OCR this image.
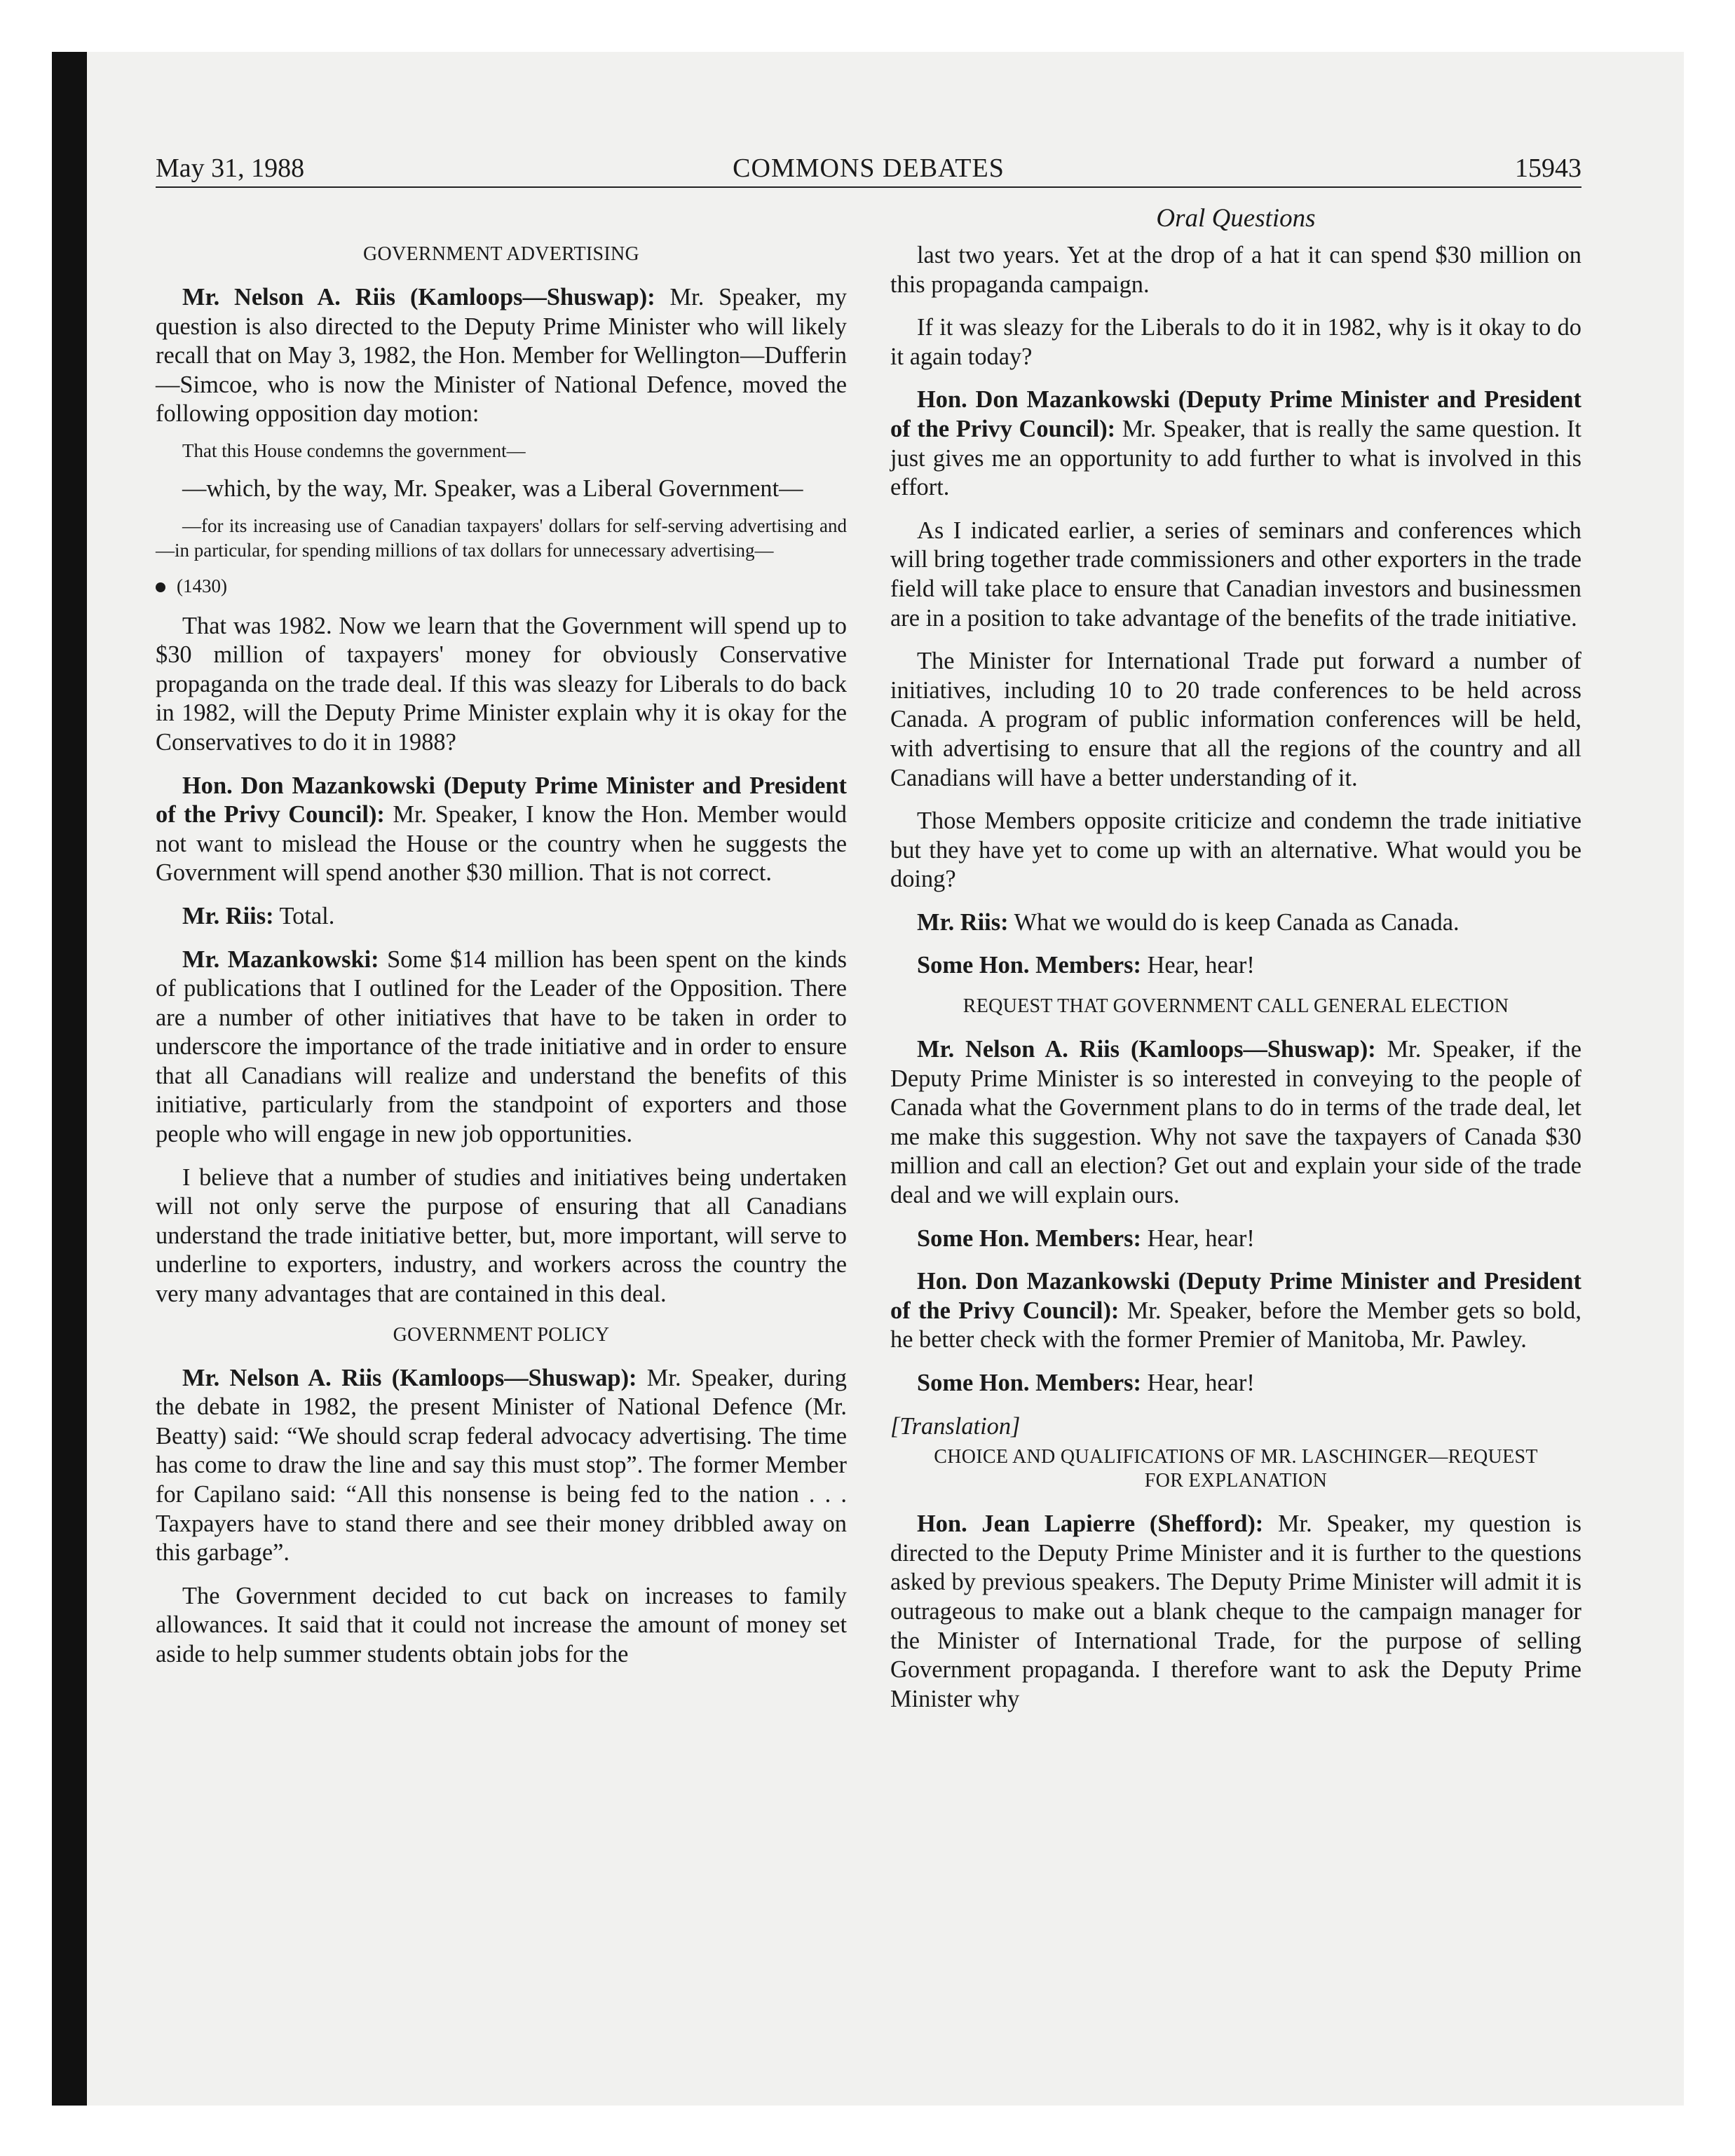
May 31, 1988	COMMONS DEBATES	15943
Oral Questions
GOVERNMENT ADVERTISING

Mr. Nelson A. Riis (Kamloops—Shuswap): Mr. Speaker, my question is also directed to the Deputy Prime Minister who will likely recall that on May 3, 1982, the Hon. Member for Wellington—Dufferin—Simcoe, who is now the Minister of National Defence, moved the following opposition day motion:

That this House condemns the government—

—which, by the way, Mr. Speaker, was a Liberal Government—

—for its increasing use of Canadian taxpayers' dollars for self-serving advertising and—in particular, for spending millions of tax dollars for unnecessary advertising—
(1430)

That was 1982. Now we learn that the Government will spend up to $30 million of taxpayers' money for obviously Conservative propaganda on the trade deal. If this was sleazy for Liberals to do back in 1982, will the Deputy Prime Minister explain why it is okay for the Conservatives to do it in 1988?

Hon. Don Mazankowski (Deputy Prime Minister and President of the Privy Council): Mr. Speaker, I know the Hon. Member would not want to mislead the House or the country when he suggests the Government will spend another $30 million. That is not correct.

Mr. Riis: Total.

Mr. Mazankowski: Some $14 million has been spent on the kinds of publications that I outlined for the Leader of the Opposition. There are a number of other initiatives that have to be taken in order to underscore the importance of the trade initiative and in order to ensure that all Canadians will realize and understand the benefits of this initiative, particularly from the standpoint of exporters and those people who will engage in new job opportunities.

I believe that a number of studies and initiatives being undertaken will not only serve the purpose of ensuring that all Canadians understand the trade initiative better, but, more important, will serve to underline to exporters, industry, and workers across the country the very many advantages that are contained in this deal.

GOVERNMENT POLICY

Mr. Nelson A. Riis (Kamloops—Shuswap): Mr. Speaker, during the debate in 1982, the present Minister of National Defence (Mr. Beatty) said: “We should scrap federal advocacy advertising. The time has come to draw the line and say this must stop”. The former Member for Capilano said: “All this nonsense is being fed to the nation . . . Taxpayers have to stand there and see their money dribbled away on this garbage”.

The Government decided to cut back on increases to family allowances. It said that it could not increase the amount of money set aside to help summer students obtain jobs for the

last two years. Yet at the drop of a hat it can spend $30 million on this propaganda campaign.

If it was sleazy for the Liberals to do it in 1982, why is it okay to do it again today?

Hon. Don Mazankowski (Deputy Prime Minister and President of the Privy Council): Mr. Speaker, that is really the same question. It just gives me an opportunity to add further to what is involved in this effort.

As I indicated earlier, a series of seminars and conferences which will bring together trade commissioners and other exporters in the trade field will take place to ensure that Canadian investors and businessmen are in a position to take advantage of the benefits of the trade initiative.

The Minister for International Trade put forward a number of initiatives, including 10 to 20 trade conferences to be held across Canada. A program of public information conferences will be held, with advertising to ensure that all the regions of the country and all Canadians will have a better understanding of it.

Those Members opposite criticize and condemn the trade initiative but they have yet to come up with an alternative. What would you be doing?

Mr. Riis: What we would do is keep Canada as Canada.

Some Hon. Members: Hear, hear!

REQUEST THAT GOVERNMENT CALL GENERAL ELECTION

Mr. Nelson A. Riis (Kamloops—Shuswap): Mr. Speaker, if the Deputy Prime Minister is so interested in conveying to the people of Canada what the Government plans to do in terms of the trade deal, let me make this suggestion. Why not save the taxpayers of Canada $30 million and call an election? Get out and explain your side of the trade deal and we will explain ours.

Some Hon. Members: Hear, hear!

Hon. Don Mazankowski (Deputy Prime Minister and President of the Privy Council): Mr. Speaker, before the Member gets so bold, he better check with the former Premier of Manitoba, Mr. Pawley.

Some Hon. Members: Hear, hear!

[Translation]

CHOICE AND QUALIFICATIONS OF MR. LASCHINGER—REQUEST
FOR EXPLANATION

Hon. Jean Lapierre (Shefford): Mr. Speaker, my question is directed to the Deputy Prime Minister and it is further to the questions asked by previous speakers. The Deputy Prime Minister will admit it is outrageous to make out a blank cheque to the campaign manager for the Minister of International Trade, for the purpose of selling Government propaganda. I therefore want to ask the Deputy Prime Minister why
